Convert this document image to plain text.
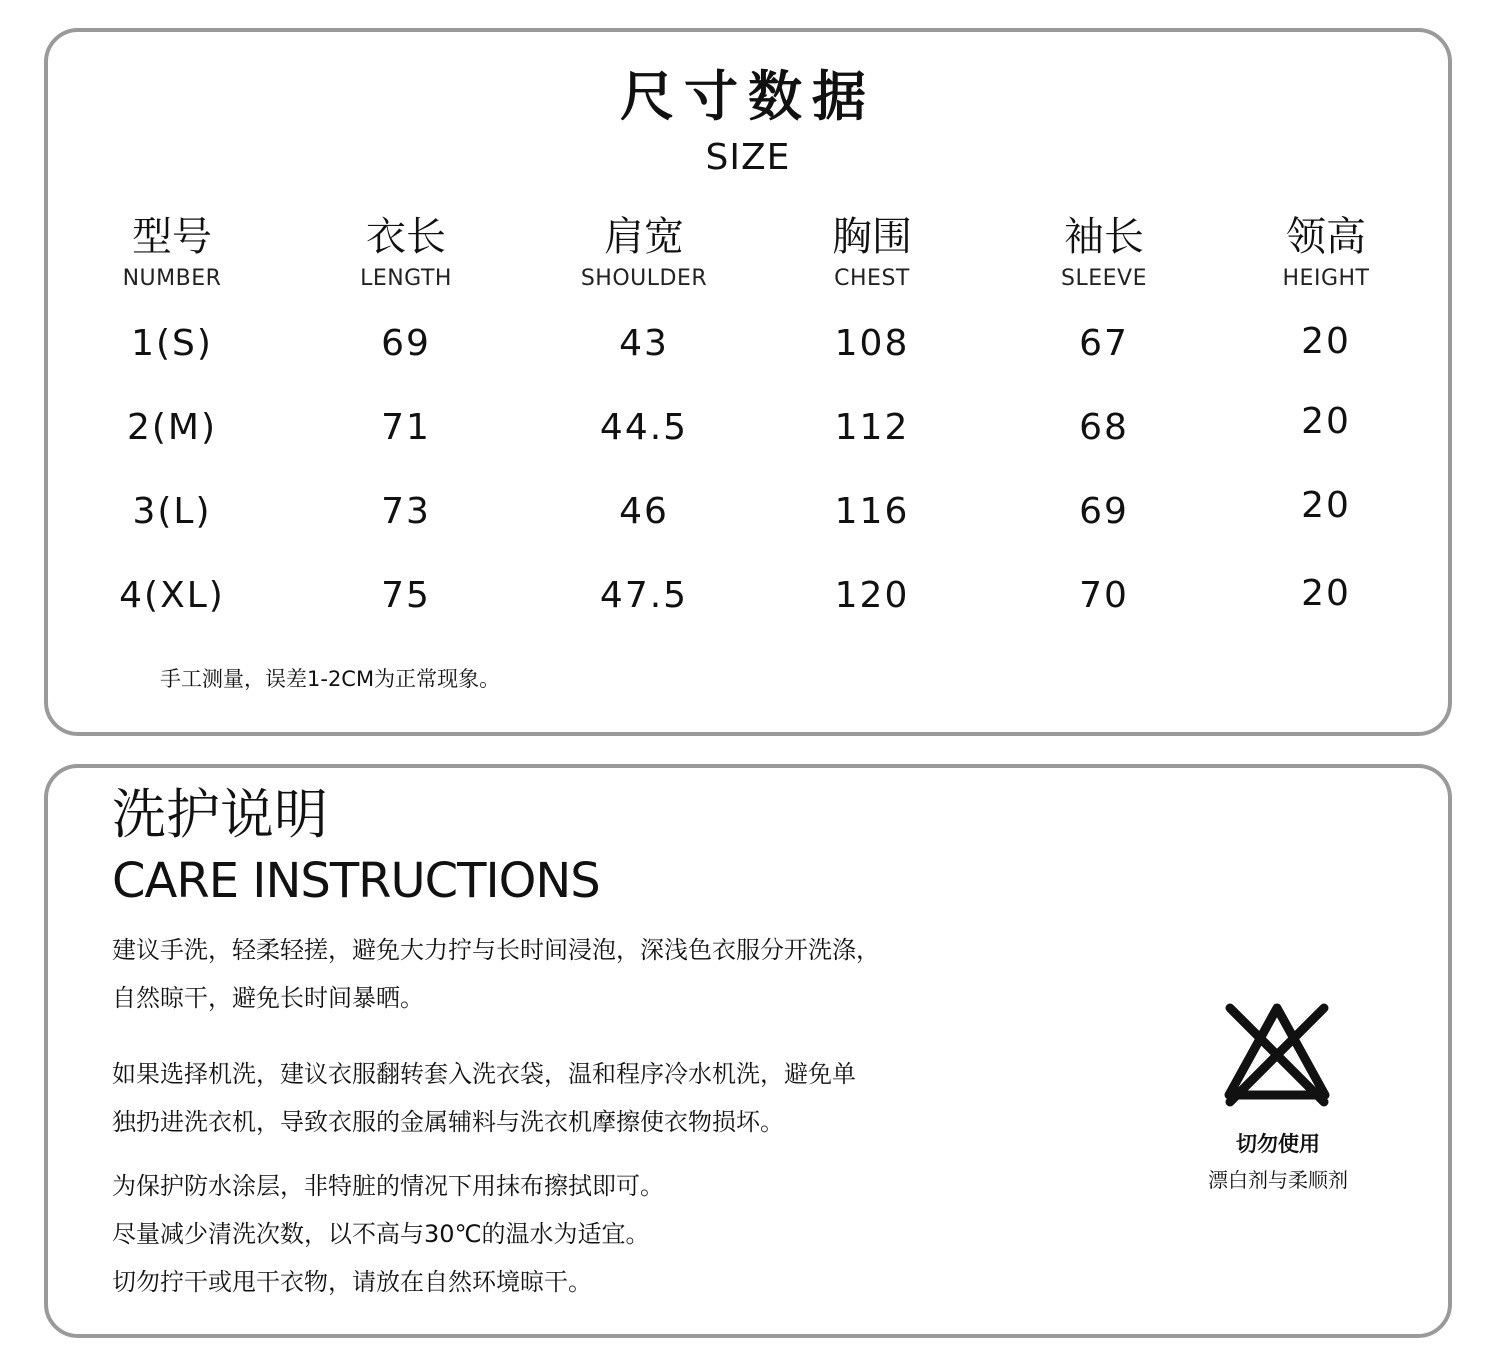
尺寸数据
SIZE
型号
NUMBER
1(S)
2(M)
3(L)
4(XL)
衣长
LENGTH
69
71
73
75
肩宽
SHOULDER
43
44.5
46
47.5
胸围
CHEST
108
112
116
120
袖长
SLEEVE
67
68
69
70
领高
HEIGHT
20
20
20
20
手工测量，误差1-2CM为正常现象。
洗护说明
CARE INSTRUCTIONS
建议手洗，轻柔轻搓，避免大力拧与长时间浸泡，深浅色衣服分开洗涤，
自然晾干，避免长时间暴晒。
如果选择机洗，建议衣服翻转套入洗衣袋，温和程序冷水机洗，避免单
独扔进洗衣机，导致衣服的金属辅料与洗衣机摩擦使衣物损坏。
为保护防水涂层，非特脏的情况下用抹布擦拭即可。
尽量减少清洗次数，以不高与30℃的温水为适宜。
切勿拧干或甩干衣物，请放在自然环境晾干。
切勿使用
漂白剂与柔顺剂
